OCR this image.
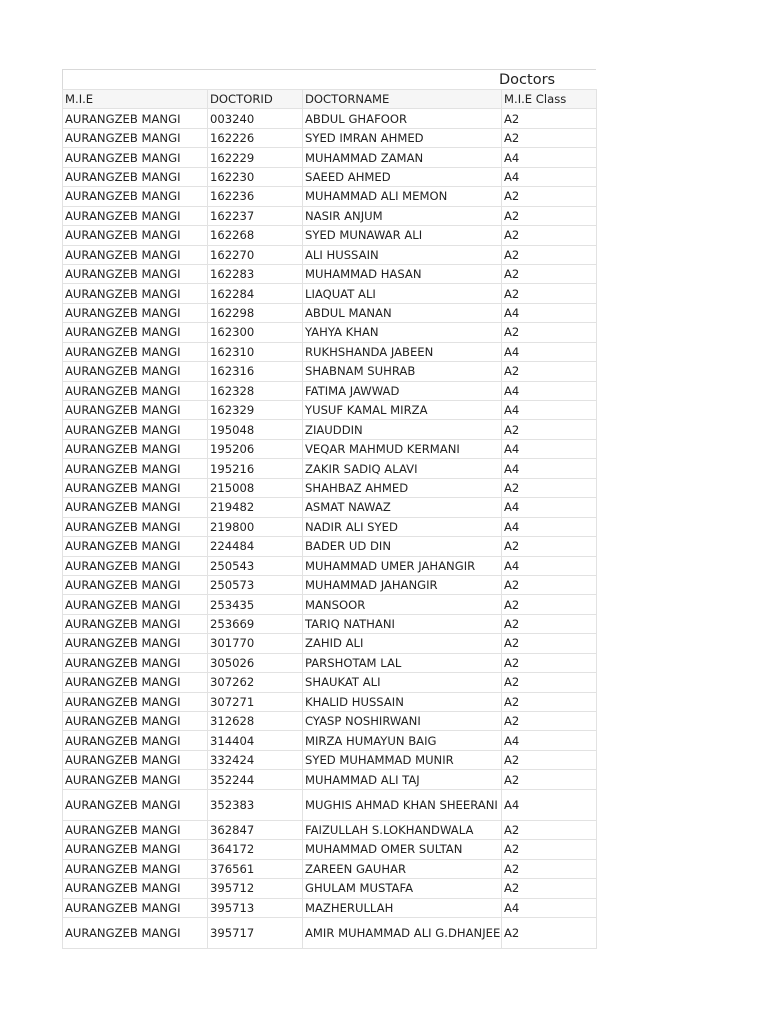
Doctors
M.I.E	DOCTORID	DOCTORNAME	M.I.E Class
AURANGZEB MANGI	003240	ABDUL GHAFOOR	A2
AURANGZEB MANGI	162226	SYED IMRAN AHMED	A2
AURANGZEB MANGI	162229	MUHAMMAD ZAMAN	A4
AURANGZEB MANGI	162230	SAEED AHMED	A4
AURANGZEB MANGI	162236	MUHAMMAD ALI MEMON	A2
AURANGZEB MANGI	162237	NASIR ANJUM	A2
AURANGZEB MANGI	162268	SYED MUNAWAR ALI	A2
AURANGZEB MANGI	162270	ALI HUSSAIN	A2
AURANGZEB MANGI	162283	MUHAMMAD HASAN	A2
AURANGZEB MANGI	162284	LIAQUAT ALI	A2
AURANGZEB MANGI	162298	ABDUL MANAN	A4
AURANGZEB MANGI	162300	YAHYA KHAN	A2
AURANGZEB MANGI	162310	RUKHSHANDA JABEEN	A4
AURANGZEB MANGI	162316	SHABNAM SUHRAB	A2
AURANGZEB MANGI	162328	FATIMA JAWWAD	A4
AURANGZEB MANGI	162329	YUSUF KAMAL MIRZA	A4
AURANGZEB MANGI	195048	ZIAUDDIN	A2
AURANGZEB MANGI	195206	VEQAR MAHMUD KERMANI	A4
AURANGZEB MANGI	195216	ZAKIR SADIQ ALAVI	A4
AURANGZEB MANGI	215008	SHAHBAZ AHMED	A2
AURANGZEB MANGI	219482	ASMAT NAWAZ	A4
AURANGZEB MANGI	219800	NADIR ALI SYED	A4
AURANGZEB MANGI	224484	BADER UD DIN	A2
AURANGZEB MANGI	250543	MUHAMMAD UMER JAHANGIR	A4
AURANGZEB MANGI	250573	MUHAMMAD JAHANGIR	A2
AURANGZEB MANGI	253435	MANSOOR	A2
AURANGZEB MANGI	253669	TARIQ NATHANI	A2
AURANGZEB MANGI	301770	ZAHID ALI	A2
AURANGZEB MANGI	305026	PARSHOTAM LAL	A2
AURANGZEB MANGI	307262	SHAUKAT ALI	A2
AURANGZEB MANGI	307271	KHALID HUSSAIN	A2
AURANGZEB MANGI	312628	CYASP NOSHIRWANI	A2
AURANGZEB MANGI	314404	MIRZA HUMAYUN BAIG	A4
AURANGZEB MANGI	332424	SYED MUHAMMAD MUNIR	A2
AURANGZEB MANGI	352244	MUHAMMAD ALI TAJ	A2
AURANGZEB MANGI	352383	MUGHIS AHMAD KHAN SHEERANI	A4
AURANGZEB MANGI	362847	FAIZULLAH S.LOKHANDWALA	A2
AURANGZEB MANGI	364172	MUHAMMAD OMER SULTAN	A2
AURANGZEB MANGI	376561	ZAREEN GAUHAR	A2
AURANGZEB MANGI	395712	GHULAM MUSTAFA	A2
AURANGZEB MANGI	395713	MAZHERULLAH	A4
AURANGZEB MANGI	395717	AMIR MUHAMMAD ALI G.DHANJEE	A2
